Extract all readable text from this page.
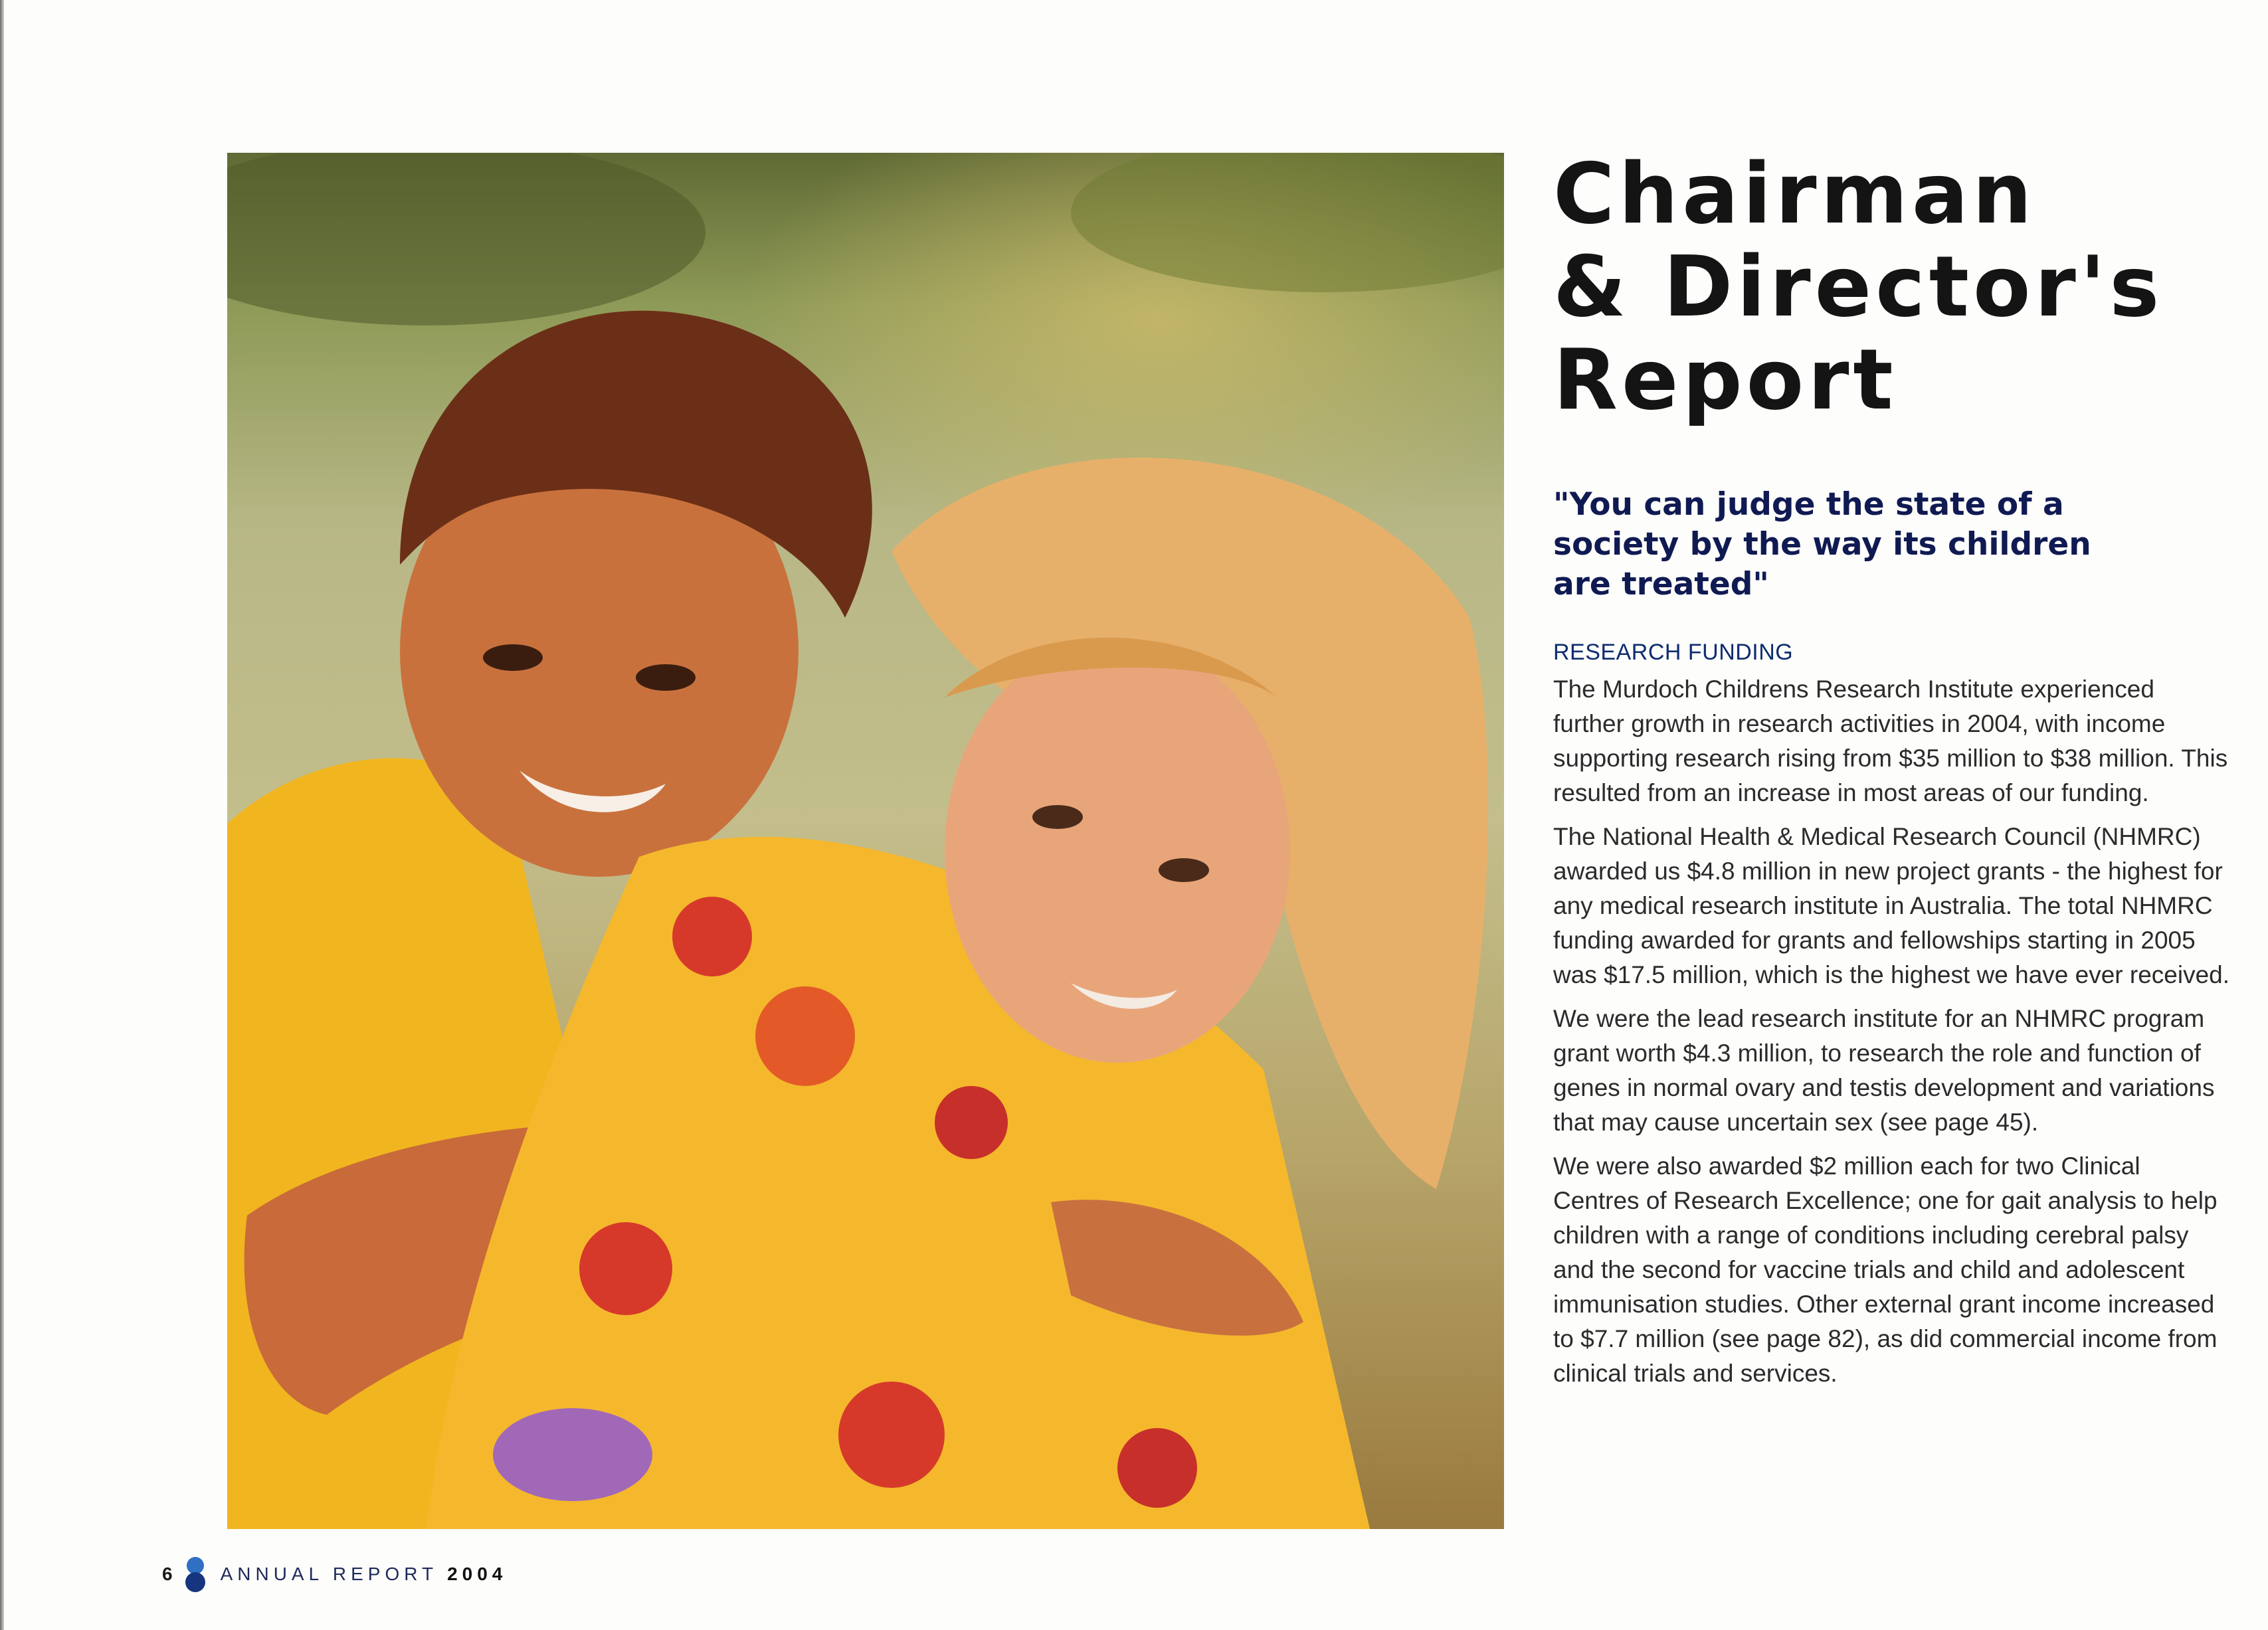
Chairman
& Director's
Report
"You can judge the state of a society by the way its children are treated"
RESEARCH FUNDING

The Murdoch Childrens Research Institute experienced further growth in research activities in 2004, with income supporting research rising from $35 million to $38 million. This resulted from an increase in most areas of our funding.

The National Health & Medical Research Council (NHMRC) awarded us $4.8 million in new project grants - the highest for any medical research institute in Australia. The total NHMRC funding awarded for grants and fellowships starting in 2005 was $17.5 million, which is the highest we have ever received.

We were the lead research institute for an NHMRC program grant worth $4.3 million, to research the role and function of genes in normal ovary and testis development and variations that may cause uncertain sex (see page 45).

We were also awarded $2 million each for two Clinical Centres of Research Excellence; one for gait analysis to help children with a range of conditions including cerebral palsy and the second for vaccine trials and child and adolescent immunisation studies. Other external grant income increased to $7.7 million (see page 82), as did commercial income from clinical trials and services.

6	ANNUAL REPORT 2004
